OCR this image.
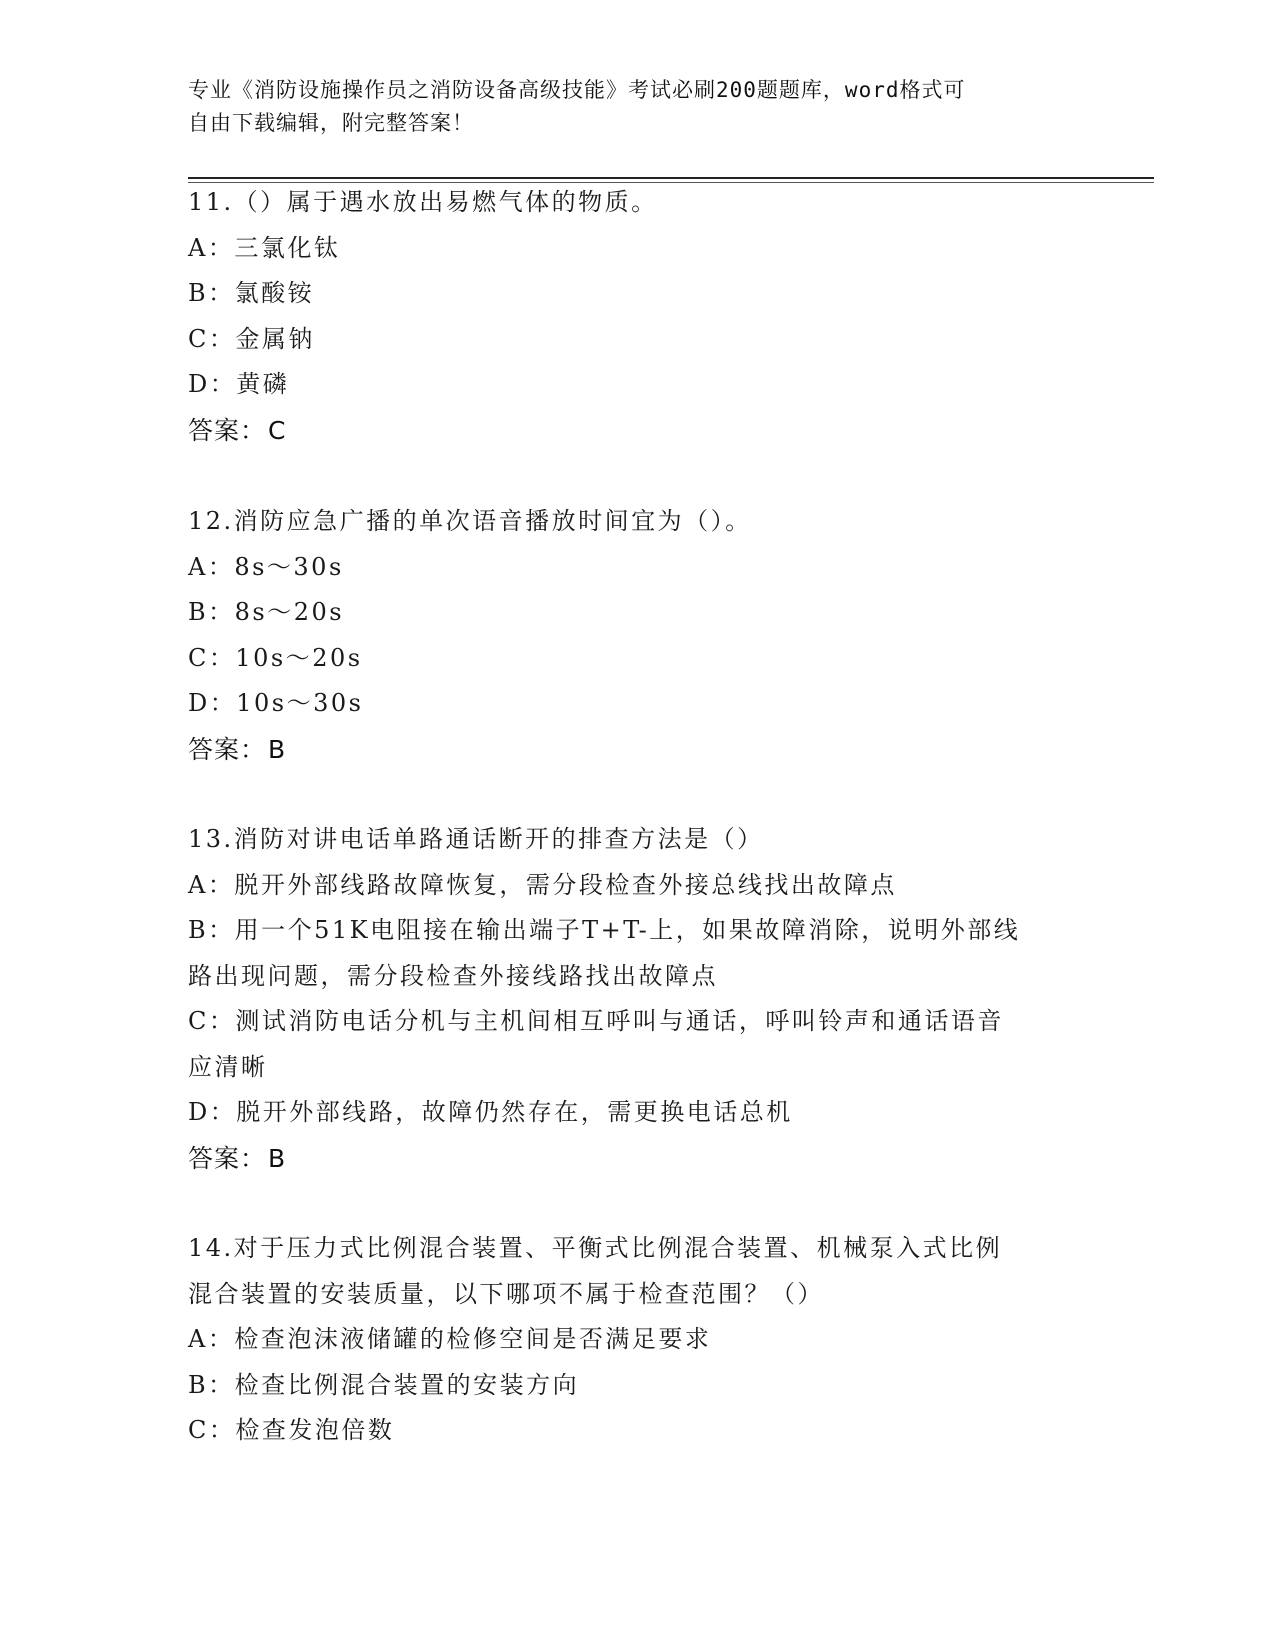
专业《消防设施操作员之消防设备高级技能》考试必刷200题题库，word格式可
自由下载编辑，附完整答案！
11.（）属于遇水放出易燃气体的物质。
A：三氯化钛
B：氯酸铵
C：金属钠
D：黄磷
答案：C
12.消防应急广播的单次语音播放时间宜为（）。
A：8s～30s
B：8s～20s
C：10s～20s
D：10s～30s
答案：B
13.消防对讲电话单路通话断开的排查方法是（）
A：脱开外部线路故障恢复，需分段检查外接总线找出故障点
B：用一个51K电阻接在输出端子T+T-上，如果故障消除，说明外部线
路出现问题，需分段检查外接线路找出故障点
C：测试消防电话分机与主机间相互呼叫与通话，呼叫铃声和通话语音
应清晰
D：脱开外部线路，故障仍然存在，需更换电话总机
答案：B
14.对于压力式比例混合装置、平衡式比例混合装置、机械泵入式比例
混合装置的安装质量，以下哪项不属于检查范围？（）
A：检查泡沫液储罐的检修空间是否满足要求
B：检查比例混合装置的安装方向
C：检查发泡倍数
